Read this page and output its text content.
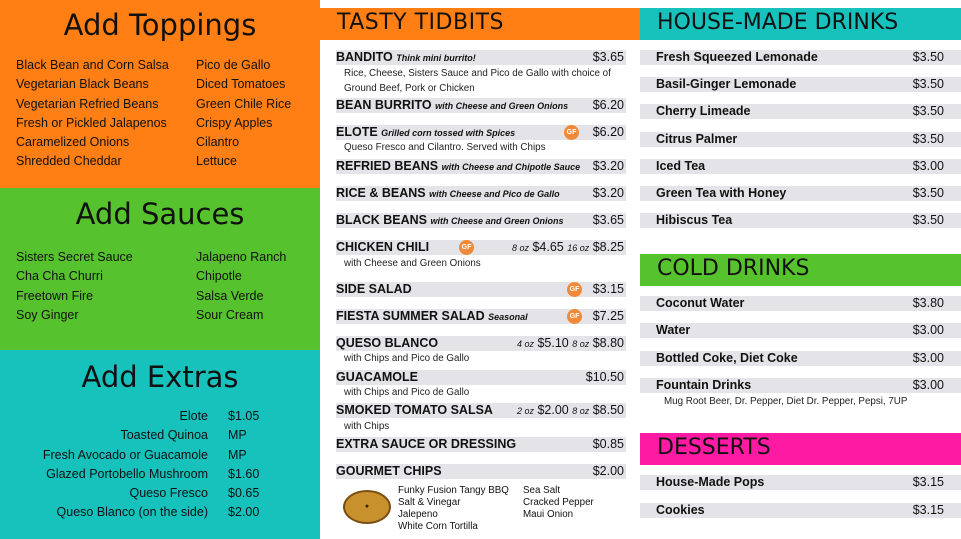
Add Toppings
Black Bean and Corn Salsa
Vegetarian Black Beans
Vegetarian Refried Beans
Fresh or Pickled Jalapenos
Caramelized Onions
Shredded Cheddar
Pico de Gallo
Diced Tomatoes
Green Chile Rice
Crispy Apples
Cilantro
Lettuce
Add Sauces
Sisters Secret Sauce
Cha Cha Churri
Freetown Fire
Soy Ginger
Jalapeno Ranch
Chipotle
Salsa Verde
Sour Cream
Add Extras
Elote $1.05
Toasted Quinoa MP
Fresh Avocado or Guacamole MP
Glazed Portobello Mushroom $1.60
Queso Fresco $0.65
Queso Blanco (on the side) $2.00
TASTY TIDBITS
BANDITO Think mini burrito!	$3.65
Rice, Cheese, Sisters Sauce and Pico de Gallo with choice of
Ground Beef, Pork or Chicken
BEAN BURRITO with Cheese and Green Onions	$6.20
ELOTE Grilled corn tossed with Spices	GF	$6.20
Queso Fresco and Cilantro. Served with Chips
REFRIED BEANS with Cheese and Chipotle Sauce	$3.20
RICE & BEANS with Cheese and Pico de Gallo	$3.20
BLACK BEANS with Cheese and Green Onions	$3.65
CHICKEN CHILI	GF	8 oz $4.65 16 oz $8.25
with Cheese and Green Onions
SIDE SALAD	GF	$3.15
FIESTA SUMMER SALAD Seasonal	GF	$7.25
QUESO BLANCO	4 oz $5.10 8 oz $8.80
with Chips and Pico de Gallo
GUACAMOLE	$10.50
with Chips and Pico de Gallo
SMOKED TOMATO SALSA	2 oz $2.00 8 oz $8.50
with Chips
EXTRA SAUCE OR DRESSING	$0.85
GOURMET CHIPS	$2.00
●
Funky Fusion Tangy BBQ
Salt & Vinegar
Jalepeno
White Corn Tortilla
Sea Salt
Cracked Pepper
Maui Onion
HOUSE-MADE DRINKS
Fresh Squeezed Lemonade	$3.50
Basil-Ginger Lemonade	$3.50
Cherry Limeade	$3.50
Citrus Palmer	$3.50
Iced Tea	$3.00
Green Tea with Honey	$3.50
Hibiscus Tea	$3.50
COLD DRINKS
Coconut Water	$3.80
Water	$3.00
Bottled Coke, Diet Coke	$3.00
Fountain Drinks	$3.00
Mug Root Beer, Dr. Pepper, Diet Dr. Pepper, Pepsi, 7UP
DESSERTS
House-Made Pops	$3.15
Cookies	$3.15
